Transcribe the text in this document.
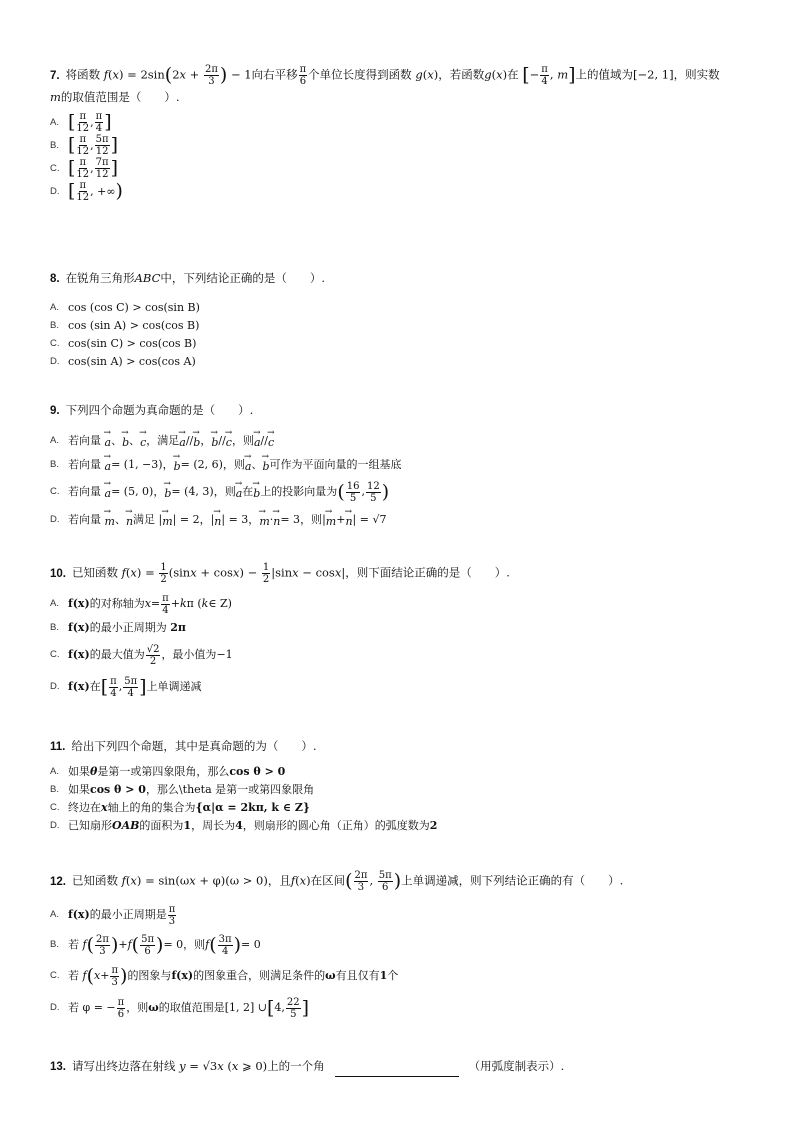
7. 将函数 $f(x) = 2\sin(2x + \frac{2\pi}{3}$ ) − 1向右平移 $\frac{\pi}{6}$ 个单位长度得到函数 g(x)，若函数g(x)在 [− $\frac{\pi}{4}$ , m]上的值域为[−2, 1]，则实数
m的取值范围是（　　）.
A. [ $\frac{\pi}{12}$ , $\frac{\pi}{4}$ ]
B. [ $\frac{\pi}{12}$ , $\frac{5\pi}{12}$ ]
C. [ $\frac{\pi}{12}$ , $\frac{7\pi}{12}$ ]
D. [ $\frac{\pi}{12}$ , +∞ )
8. 在锐角三角形ABC中，下列结论正确的是（　　）.
A. cos (cos C) > cos(sin B)
B. cos (sin A) > cos(cos B)
C. cos(sin C) > cos(cos B)
D. cos(sin A) > cos(cos A)
9. 下列四个命题为真命题的是（　　）.
A. 若向量
→ a 、 → b 、 → c ，满足 → a // → b ， → b // → c ，则 → a // → c
B. 若向量
→ a = (1, −3)， → b = (2, 6) ，则 → a 、 → b 可作为平面向量的一组基底
C. 若向量
→ a = (5, 0)， → b = (4, 3) ，则 → a 在 → b 上的投影向量为 ( $\frac{16}{5}$ , $\frac{12}{5}$ )
D. 若向量
→ m 、 → n 满足 | → m | = 2，| → n | = 3， → m · → n = 3 ，则 | → m + → n | = √7
10. 已知函数 $f(x) = \frac{1}{2} (\sin x + \cos x) - \frac{1}{2} |\sin x - \cos x|$，则下面结论正确的是（　　）.
A. f(x) 的对称轴为 $x = \frac{\pi}{4} + k$ π ( k ∈ Z)
B. f(x) 的最小正周期为
2π
C. f(x) 的最大值为 $\frac{√2}{2}$ ，最小值为 −1
D. f(x) 在 [ $\frac{\pi}{4}$ , $\frac{5\pi}{4}$ ] 上单调递减
11. 给出下列四个命题，其中是真命题的为（　　）.
A. 如果 θ 是第一或第四象限角，那么 cos θ > 0
B. 如果 cos θ > 0 ，那么\theta 是第一或第四象限角
C. 终边在 x 轴上的角的集合为 {α|α = 2kπ, k ∈ Z}
D. 已知扇形 OAB 的面积为 1 ，周长为 4 ，则扇形的圆心角（正角）的弧度数为 2
12. 已知函数 f(x) = sin(ωx + φ)(ω > 0)，且f(x)在区间( $\frac{2\pi}{3}$ , $\frac{5\pi}{6}$ )上单调递减，则下列结论正确的有（　　）.
A. f(x) 的最小正周期是 $\frac{\pi}{3}$
B. 若
f ( $\frac{2\pi}{3}$ ) + f ( $\frac{5\pi}{6}$ ) = 0 ，则 f ( $\frac{3\pi}{4}$ ) = 0
C. 若
f ( $x + \frac{\pi}{3}$ ) 的图象与 f(x) 的图象重合，则满足条件的 ω 有且仅有 1 个
D. 若 φ = − $\frac{\pi}{6}$ ，则 ω 的取值范围是 [1, 2] ∪ [ 4, $\frac{22}{5}$ ]
13. 请写出终边落在射线 y = √3x (x ⩾ 0)上的一个角	（用弧度制表示）.
